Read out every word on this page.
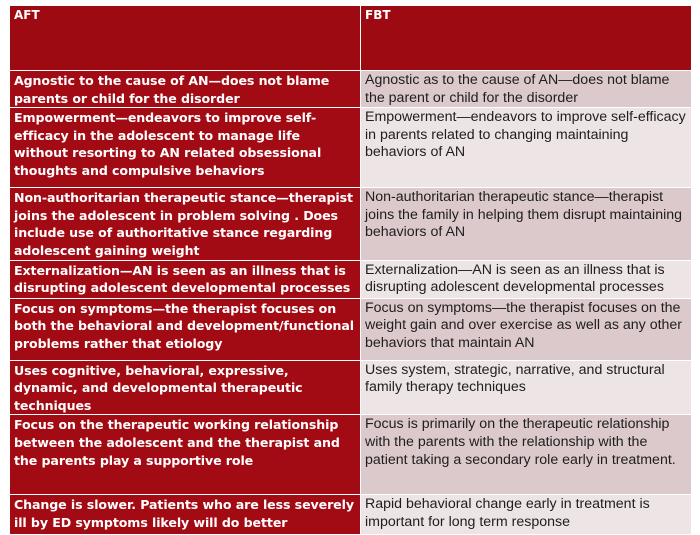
AFT	FBT
Agnostic to the cause of AN—does not blame parents or child for the disorder	Agnostic as to the cause of AN—does not blame the parent or child for the disorder
Empowerment—endeavors to improve self-efficacy in the adolescent to manage life without resorting to AN related obsessional thoughts and compulsive behaviors	Empowerment—endeavors to improve self-efficacy in parents related to changing maintaining behaviors of AN
Non-authoritarian therapeutic stance—therapist joins the adolescent in problem solving . Does include use of authoritative stance regarding adolescent gaining weight	Non-authoritarian therapeutic stance—therapist joins the family in helping them disrupt maintaining behaviors of AN
Externalization—AN is seen as an illness that is disrupting adolescent developmental processes	Externalization—AN is seen as an illness that is disrupting adolescent developmental processes
Focus on symptoms—the therapist focuses on both the behavioral and development/functional problems rather that etiology	Focus on symptoms—the therapist focuses on the weight gain and over exercise as well as any other behaviors that maintain AN
Uses cognitive, behavioral, expressive, dynamic, and developmental therapeutic techniques	Uses system, strategic, narrative, and structural family therapy techniques
Focus on the therapeutic working relationship between the adolescent and the therapist and the parents play a supportive role	Focus is primarily on the therapeutic relationship with the parents with the relationship with the patient taking a secondary role early in treatment.
Change is slower. Patients who are less severely ill by ED symptoms likely will do better	Rapid behavioral change early in treatment is important for long term response
